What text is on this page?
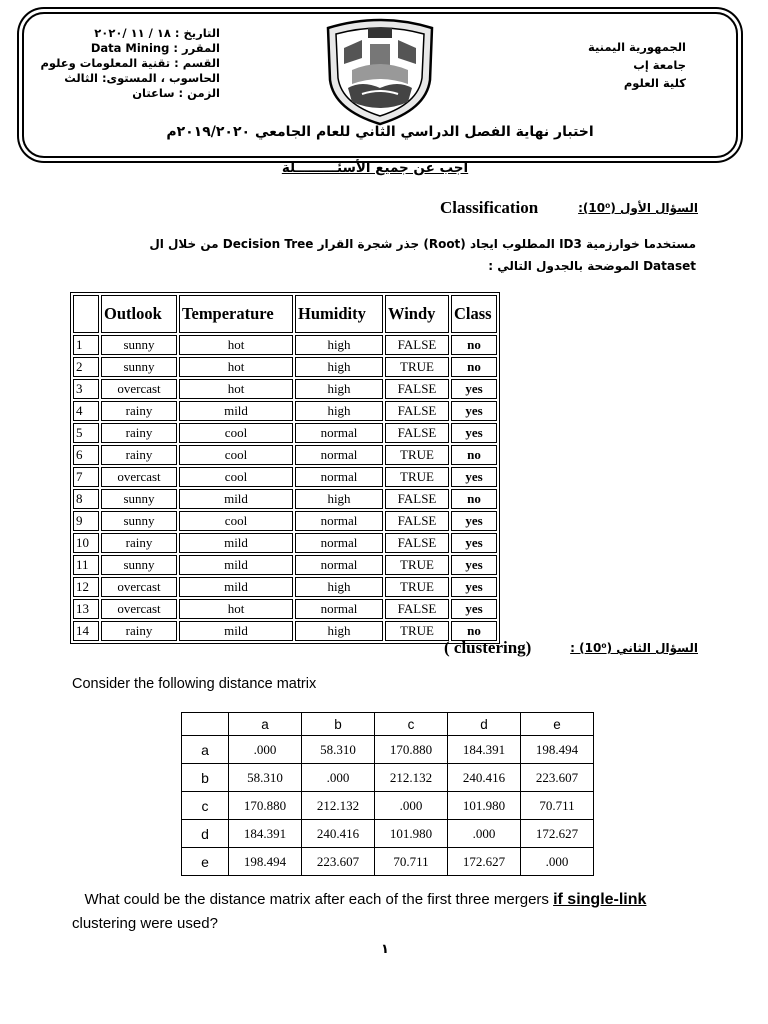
التاريخ : ١٨ / ١١ /٢٠٢٠
المقرر : Data Mining
القسم : تقنية المعلومات وعلوم
الحاسوب ، المستوى: الثالث
الزمن : ساعتان
الجمهورية اليمنية
جامعة إب
كلية العلوم
اختبار نهاية الفصل الدراسي الثاني للعام الجامعي ٢٠١٩/٢٠٢٠م
اجب عن جميع الأسئـــــــــلة
السؤال الأول (10⁰):
Classification
مستخدما خوارزمية ID3 المطلوب ايجاد (Root) جذر شجرة القرار Decision Tree من خلال ال
Dataset الموضحة بالجدول التالي :
	Outlook	Temperature	Humidity	Windy	Class
1	sunny	hot	high	FALSE	no
2	sunny	hot	high	TRUE	no
3	overcast	hot	high	FALSE	yes
4	rainy	mild	high	FALSE	yes
5	rainy	cool	normal	FALSE	yes
6	rainy	cool	normal	TRUE	no
7	overcast	cool	normal	TRUE	yes
8	sunny	mild	high	FALSE	no
9	sunny	cool	normal	FALSE	yes
10	rainy	mild	normal	FALSE	yes
11	sunny	mild	normal	TRUE	yes
12	overcast	mild	high	TRUE	yes
13	overcast	hot	normal	FALSE	yes
14	rainy	mild	high	TRUE	no
السؤال الثاني (10⁰) :
( clustering)
Consider the following distance matrix
	a	b	c	d	e
a	.000	58.310	170.880	184.391	198.494
b	58.310	.000	212.132	240.416	223.607
c	170.880	212.132	.000	101.980	70.711
d	184.391	240.416	101.980	.000	172.627
e	198.494	223.607	70.711	172.627	.000
What could be the distance matrix after each of the first three mergers if single-link clustering were used?
١
